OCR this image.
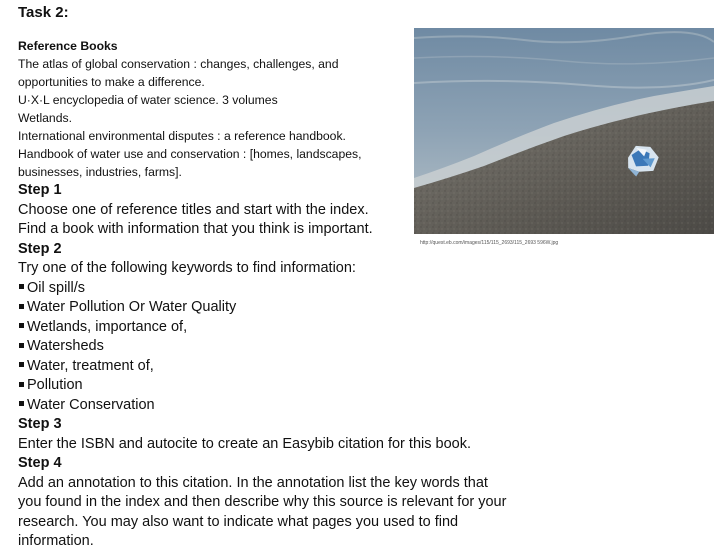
Task 2:
Reference Books
The atlas of global conservation : changes, challenges, and
opportunities to make a difference.
U·X·L encyclopedia of water science. 3 volumes
Wetlands.
International environmental disputes : a reference handbook.
Handbook of water use and conservation : [homes, landscapes,
businesses, industries, farms].
http://quest.eb.com/images/115/115_2693/115_2693 596W.jpg
Step 1
Choose one of reference titles and start with the index.
Find a book with information that you think is important.
Step 2
Try one of the following keywords to find information:
Oil spill/s
Water Pollution Or Water Quality
Wetlands, importance of,
Watersheds
Water, treatment of,
Pollution
Water Conservation
Step 3
Enter the ISBN and autocite to create an Easybib citation for this book.
Step 4
Add an annotation to this citation. In the annotation list the key words that
you found in the index and then describe why this source is relevant for your
research. You may also want to indicate what pages you used to find
information.
